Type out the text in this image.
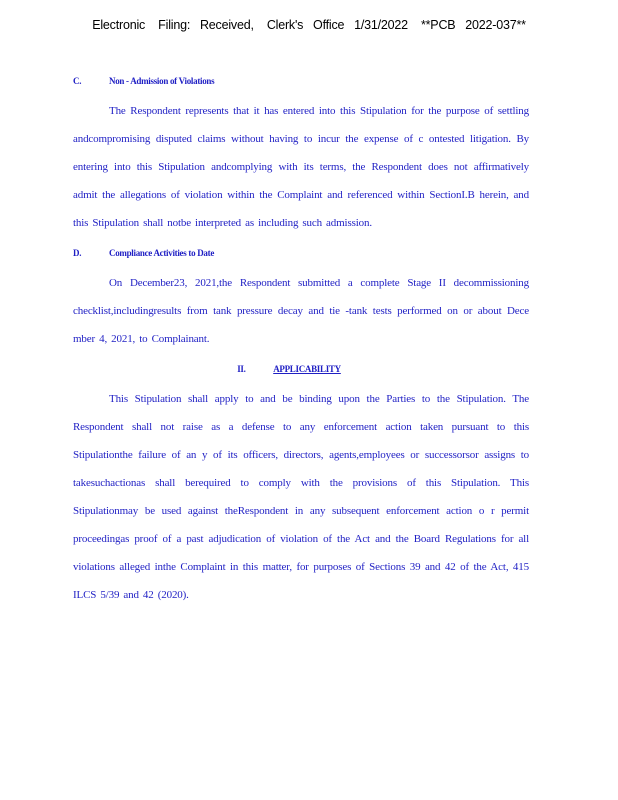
Electronic    Filing:   Received,    Clerk's   Office   1/31/2022    **PCB   2022-037**
C.	Non - Admission of Violations

The Respondent represents that it has entered into this Stipulation for the purpose of settling andcompromising disputed claims without having to incur the expense of c ontested litigation. By entering into this Stipulation andcomplying with its terms, the Respondent does not affirmatively admit the allegations of violation within the Complaint and referenced within SectionI.B herein, and this Stipulation shall notbe interpreted as including such admission.

D.	Compliance Activities to Date

On December23, 2021,the Respondent submitted a complete Stage II decommissioning checklist,includingresults from tank pressure decay and tie -tank tests performed on or about Dece mber 4, 2021, to Complainant.

II.	APPLICABILITY

This Stipulation shall apply to and be binding upon the Parties to the Stipulation. The Respondent shall not raise as a defense to any enforcement action taken pursuant to this Stipulationthe failure of an y of its officers, directors, agents,employees or successorsor assigns to takesuchactionas shall berequired to comply with the provisions of this Stipulation. This Stipulationmay be used against theRespondent in any subsequent enforcement action o r permit proceedingas proof of a past adjudication of violation of the Act and the Board Regulations for all violations alleged inthe Complaint in this matter, for purposes of Sections 39 and 42 of the Act, 415 ILCS 5/39 and 42 (2020).
